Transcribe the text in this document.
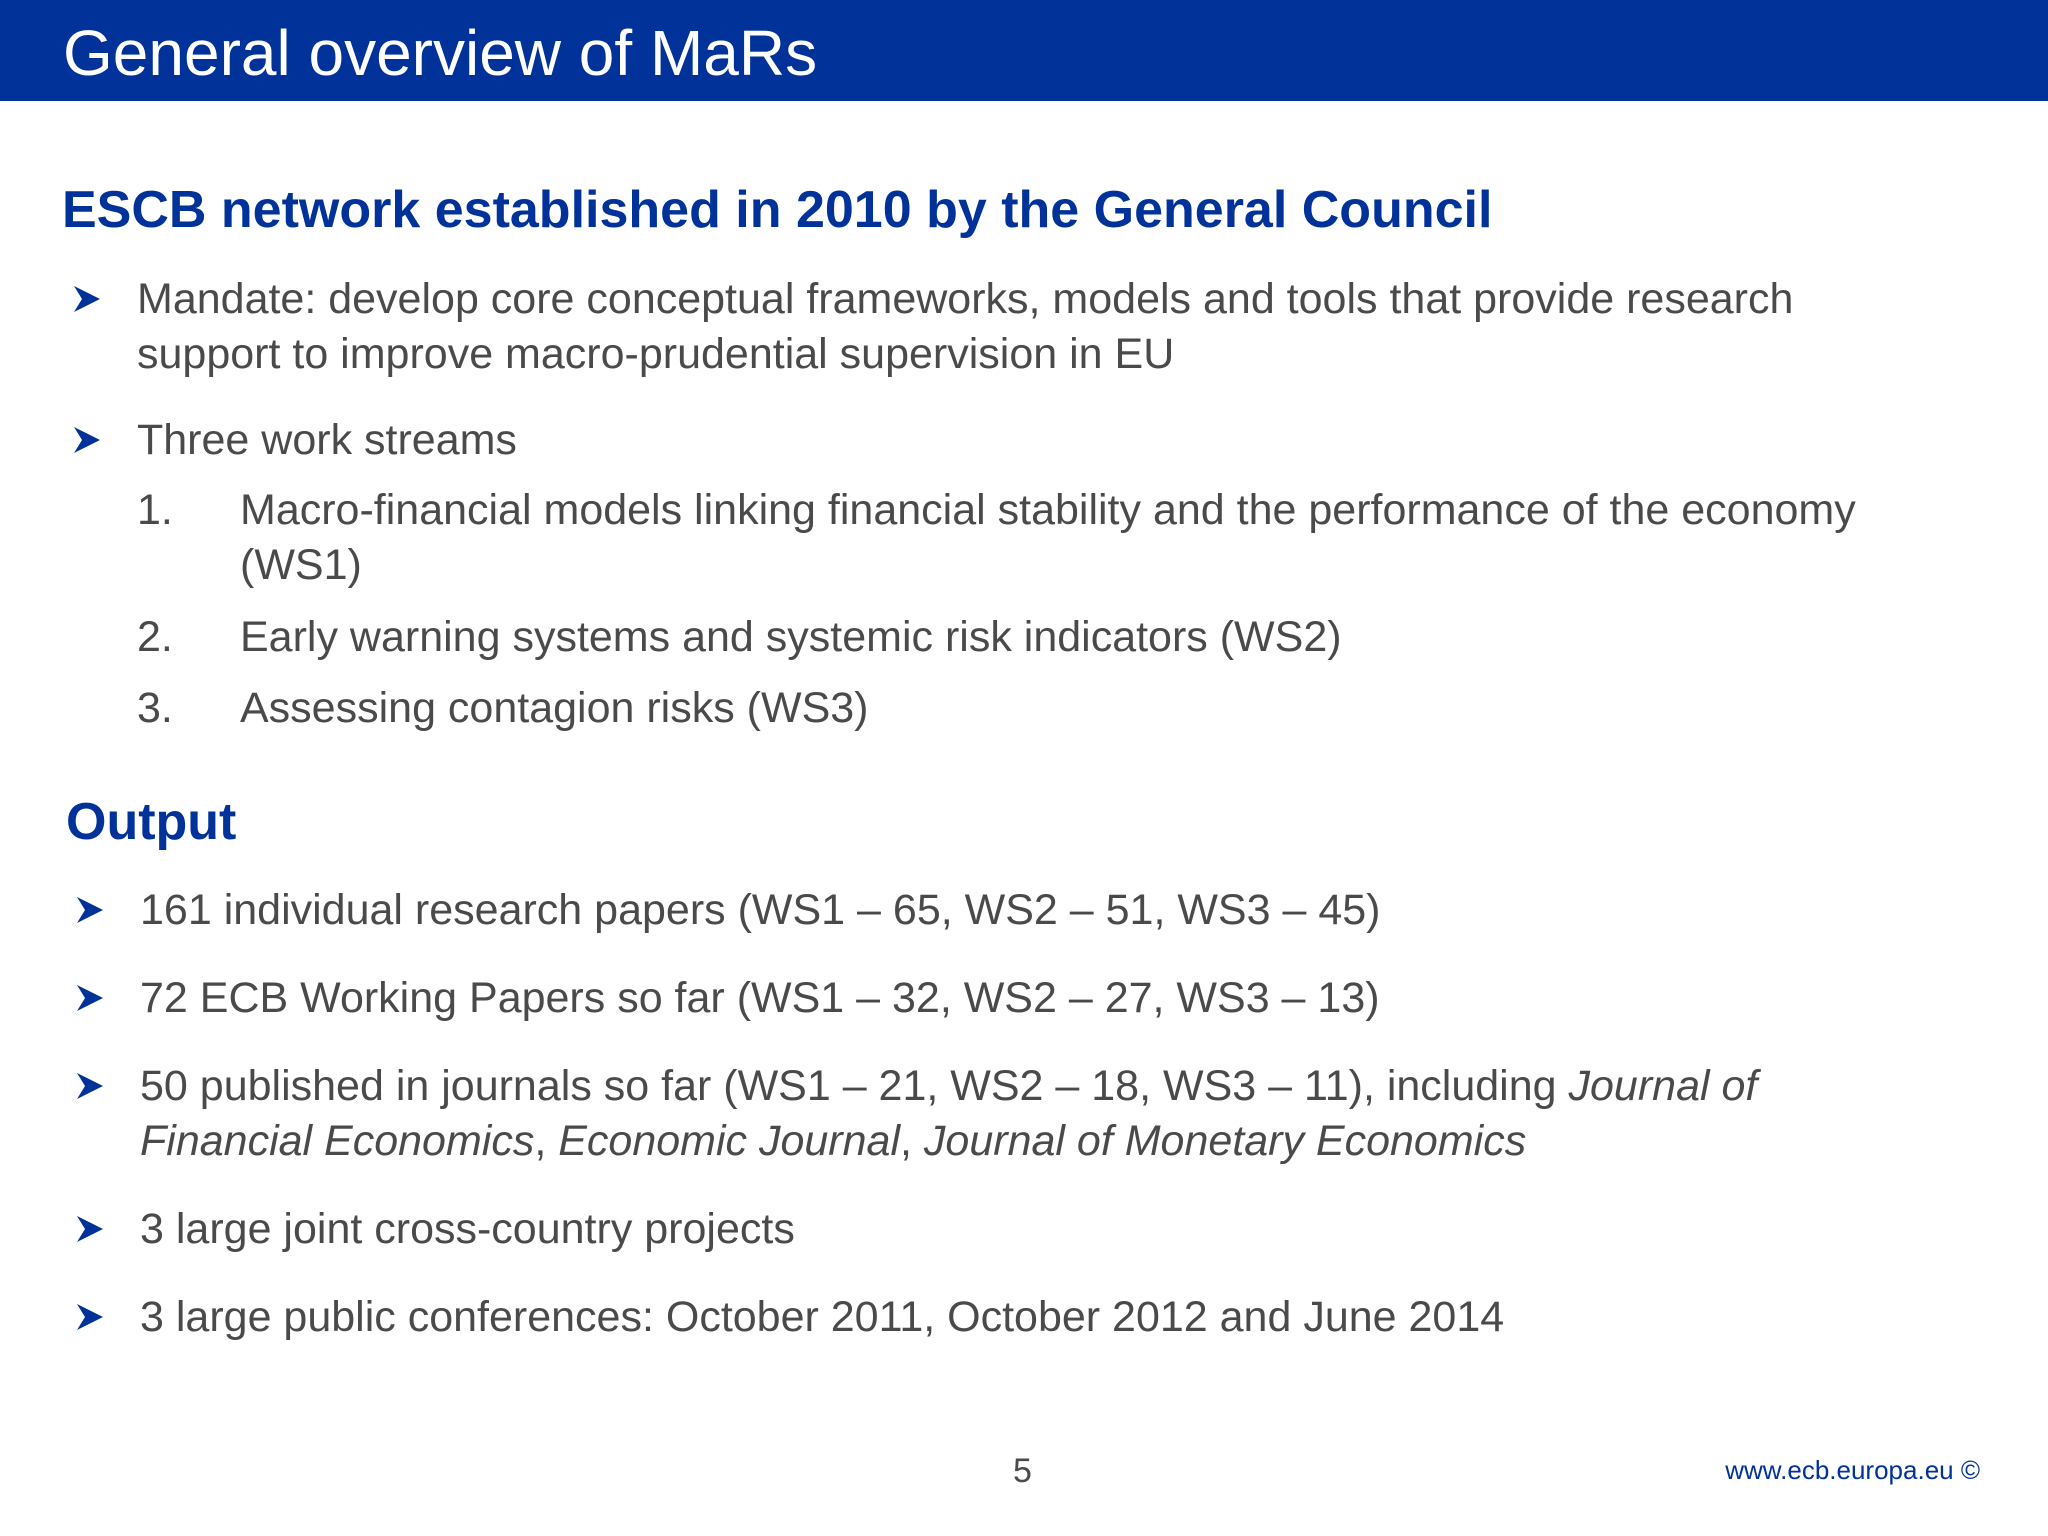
General overview of MaRs
ESCB network established in 2010 by the General Council
Mandate: develop core conceptual frameworks, models and tools that provide research
support to improve macro-prudential supervision in EU
Three work streams
1. Macro-financial models linking financial stability and the performance of the economy
(WS1)
2. Early warning systems and systemic risk indicators (WS2)
3. Assessing contagion risks (WS3)
Output
161 individual research papers (WS1 – 65, WS2 – 51, WS3 – 45)
72 ECB Working Papers so far (WS1 – 32, WS2 – 27, WS3 – 13)
50 published in journals so far (WS1 – 21, WS2 – 18, WS3 – 11), including Journal of
Financial Economics, Economic Journal, Journal of Monetary Economics
3 large joint cross-country projects
3 large public conferences: October 2011, October 2012 and June 2014
5	www.ecb.europa.eu ©
